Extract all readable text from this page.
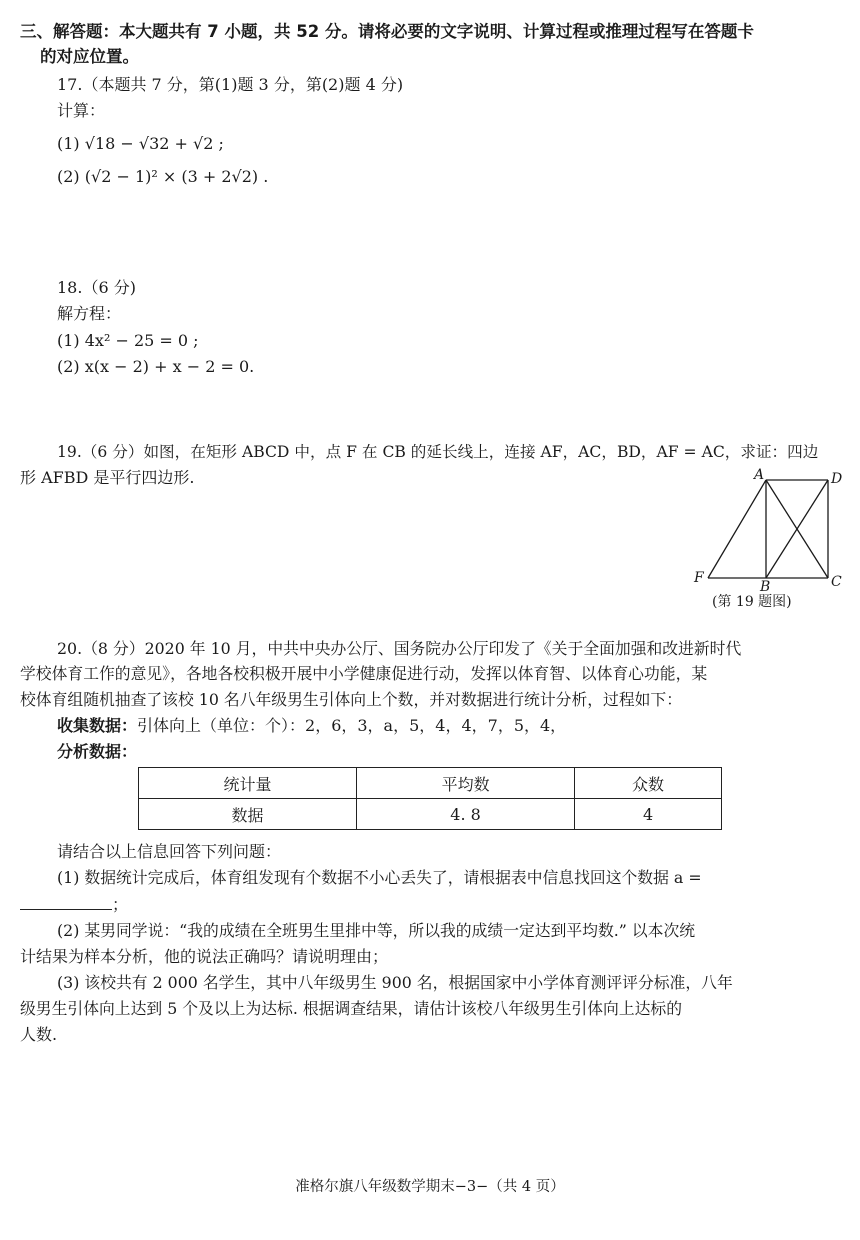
三、解答题：本大题共有 7 小题，共 52 分。请将必要的文字说明、计算过程或推理过程写在答题卡
的对应位置。
17.（本题共 7 分，第(1)题 3 分，第(2)题 4 分)
计算：
(1) √18 − √32 + √2 ;
(2) (√2 − 1)² × (3 + 2√2) .
18.（6 分)
解方程：
(1) 4x² − 25 = 0 ;
(2) x(x − 2) + x − 2 = 0.
19.（6 分）如图，在矩形 ABCD 中，点 F 在 CB 的延长线上，连接 AF，AC，BD，AF = AC，求证：四边
形 AFBD 是平行四边形.	A	D
C
B
F
(第 19 题图)
20.（8 分）2020 年 10 月，中共中央办公厅、国务院办公厅印发了《关于全面加强和改进新时代
学校体育工作的意见》，各地各校积极开展中小学健康促进行动，发挥以体育智、以体育心功能，某
校体育组随机抽查了该校 10 名八年级男生引体向上个数，并对数据进行统计分析，过程如下：
收集数据：引体向上（单位：个）：2，6，3，a，5，4，4，7，5，4，
分析数据：
统计量	平均数	众数
数据	4. 8	4
请结合以上信息回答下列问题：
(1) 数据统计完成后，体育组发现有个数据不小心丢失了，请根据表中信息找回这个数据 a =
；
(2) 某男同学说：“我的成绩在全班男生里排中等，所以我的成绩一定达到平均数.” 以本次统
计结果为样本分析，他的说法正确吗？请说明理由；
(3) 该校共有 2 000 名学生，其中八年级男生 900 名，根据国家中小学体育测评评分标准，八年
级男生引体向上达到 5 个及以上为达标. 根据调查结果，请估计该校八年级男生引体向上达标的
人数.
准格尔旗八年级数学期末−3−（共 4 页）
